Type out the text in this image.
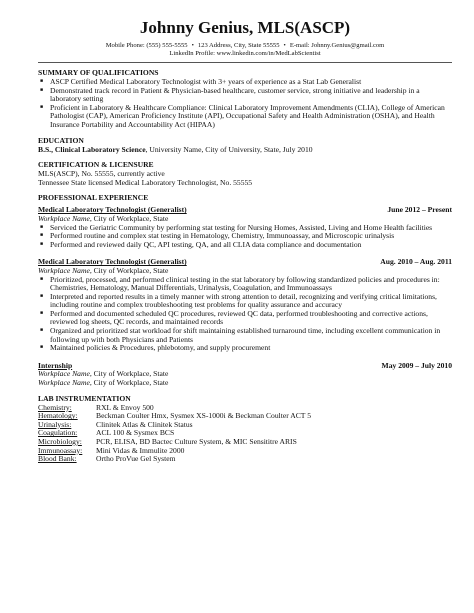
Johnny Genius, MLS(ASCP)
Mobile Phone: (555) 555-5555 • 123 Address, City, State 55555 • E-mail: Johnny.Genius@gmail.com
LinkedIn Profile: www.linkedin.com/in/MedLabScientist
SUMMARY OF QUALIFICATIONS
■ ASCP Certified Medical Laboratory Technologist with 3+ years of experience as a Stat Lab Generalist
■ Demonstrated track record in Patient & Physician-based healthcare, customer service, strong initiative and leadership in a laboratory setting
■ Proficient in Laboratory & Healthcare Compliance: Clinical Laboratory Improvement Amendments (CLIA), College of American Pathologist (CAP), American Proficiency Institute (API), Occupational Safety and Health Administration (OSHA), and Health Insurance Portability and Accountability Act (HIPAA)
EDUCATION
B.S., Clinical Laboratory Science, University Name, City of University, State, July 2010
CERTIFICATION & LICENSURE
MLS(ASCP), No. 55555, currently active
Tennessee State licensed Medical Laboratory Technologist, No. 55555
PROFESSIONAL EXPERIENCE
Medical Laboratory Technologist (Generalist)	June 2012 – Present
Workplace Name, City of Workplace, State
■ Serviced the Geriatric Community by performing stat testing for Nursing Homes, Assisted, Living and Home Health facilities
■ Performed routine and complex stat testing in Hematology, Chemistry, Immunoassay, and Microscopic urinalysis
■ Performed and reviewed daily QC, API testing, QA, and all CLIA data compliance and documentation
Medical Laboratory Technologist (Generalist)	Aug. 2010 – Aug. 2011
Workplace Name, City of Workplace, State
■ Prioritized, processed, and performed clinical testing in the stat laboratory by following standardized policies and procedures in: Chemistries, Hematology, Manual Differentials, Urinalysis, Coagulation, and Immunoassays
■ Interpreted and reported results in a timely manner with strong attention to detail, recognizing and verifying critical limitations, including routine and complex troubleshooting test problems for quality assurance and accuracy
■ Performed and documented scheduled QC procedures, reviewed QC data, performed troubleshooting and corrective actions, reviewed log sheets, QC records, and maintained records
■ Organized and prioritized stat workload for shift maintaining established turnaround time, including excellent communication in following up with both Physicians and Patients
■ Maintained policies & Procedures, phlebotomy, and supply procurement
Internship	May 2009 – July 2010
Workplace Name, City of Workplace, State
Workplace Name, City of Workplace, State
LAB INSTRUMENTATION
Chemistry:	RXL & Envoy 500
Hematology:	Beckman Coulter Hmx, Sysmex XS-1000i & Beckman Coulter ACT 5
Urinalysis:	Clinitek Atlas & Clinitek Status
Coagulation:	ACL 100 & Sysmex BCS
Microbiology:	PCR, ELISA, BD Bactec Culture System, & MIC Sensititre ARIS
Immunoassay:	Mini Vidas & Immulite 2000
Blood Bank:	Ortho ProVue Gel System
